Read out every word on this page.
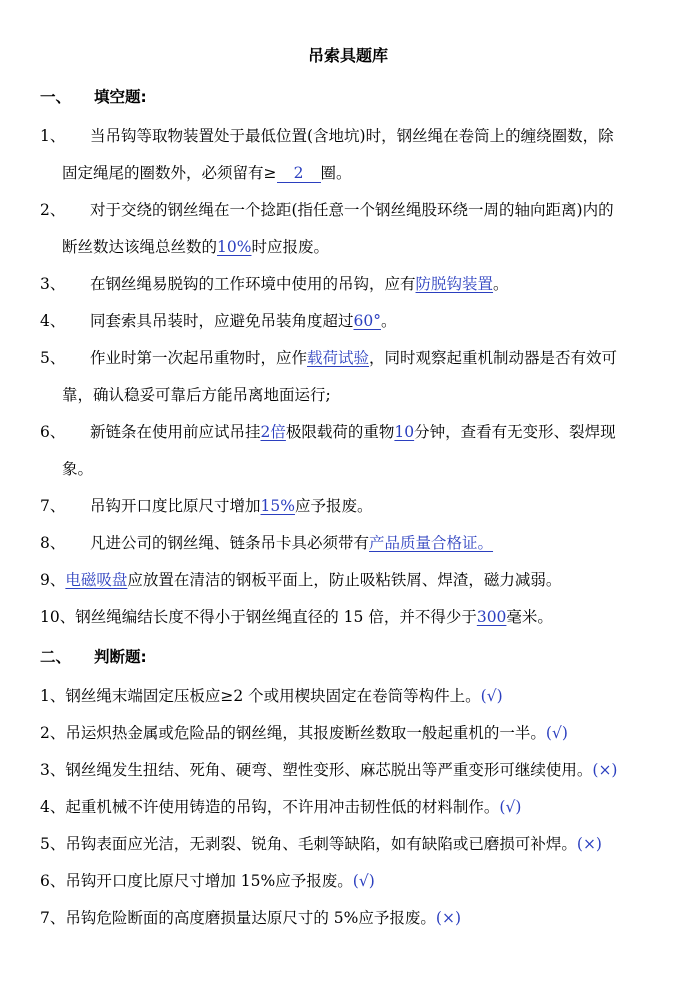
吊索具题库
一、	填空题:
1、	当吊钩等取物装置处于最低位置(含地坑)时，钢丝绳在卷筒上的缠绕圈数，除
固定绳尾的圈数外，必须留有≥ 2 圈。
2、	对于交绕的钢丝绳在一个捻距(指任意一个钢丝绳股环绕一周的轴向距离)内的
断丝数达该绳总丝数的10%时应报废。
3、	在钢丝绳易脱钩的工作环境中使用的吊钩，应有防脱钩装置。
4、	同套索具吊装时，应避免吊装角度超过60°。
5、	作业时第一次起吊重物时，应作载荷试验，同时观察起重机制动器是否有效可
靠，确认稳妥可靠后方能吊离地面运行;
6、	新链条在使用前应试吊挂2倍极限载荷的重物10分钟，查看有无变形、裂焊现
象。
7、	吊钩开口度比原尺寸增加15%应予报废。
8、	凡进公司的钢丝绳、链条吊卡具必须带有产品质量合格证。
9、 电磁吸盘应放置在清洁的钢板平面上，防止吸粘铁屑、焊渣，磁力减弱。
10、 钢丝绳编结长度不得小于钢丝绳直径的 15 倍，并不得少于300毫米。
二、	判断题:
1、钢丝绳末端固定压板应≥2 个或用楔块固定在卷筒等构件上。(√)
2、吊运炽热金属或危险品的钢丝绳，其报废断丝数取一般起重机的一半。(√)
3、钢丝绳发生扭结、死角、硬弯、塑性变形、麻芯脱出等严重变形可继续使用。(×)
4、起重机械不许使用铸造的吊钩，不许用冲击韧性低的材料制作。(√)
5、吊钩表面应光洁，无剥裂、锐角、毛刺等缺陷，如有缺陷或已磨损可补焊。(×)
6、吊钩开口度比原尺寸增加 15%应予报废。(√)
7、吊钩危险断面的高度磨损量达原尺寸的 5%应予报废。(×)
